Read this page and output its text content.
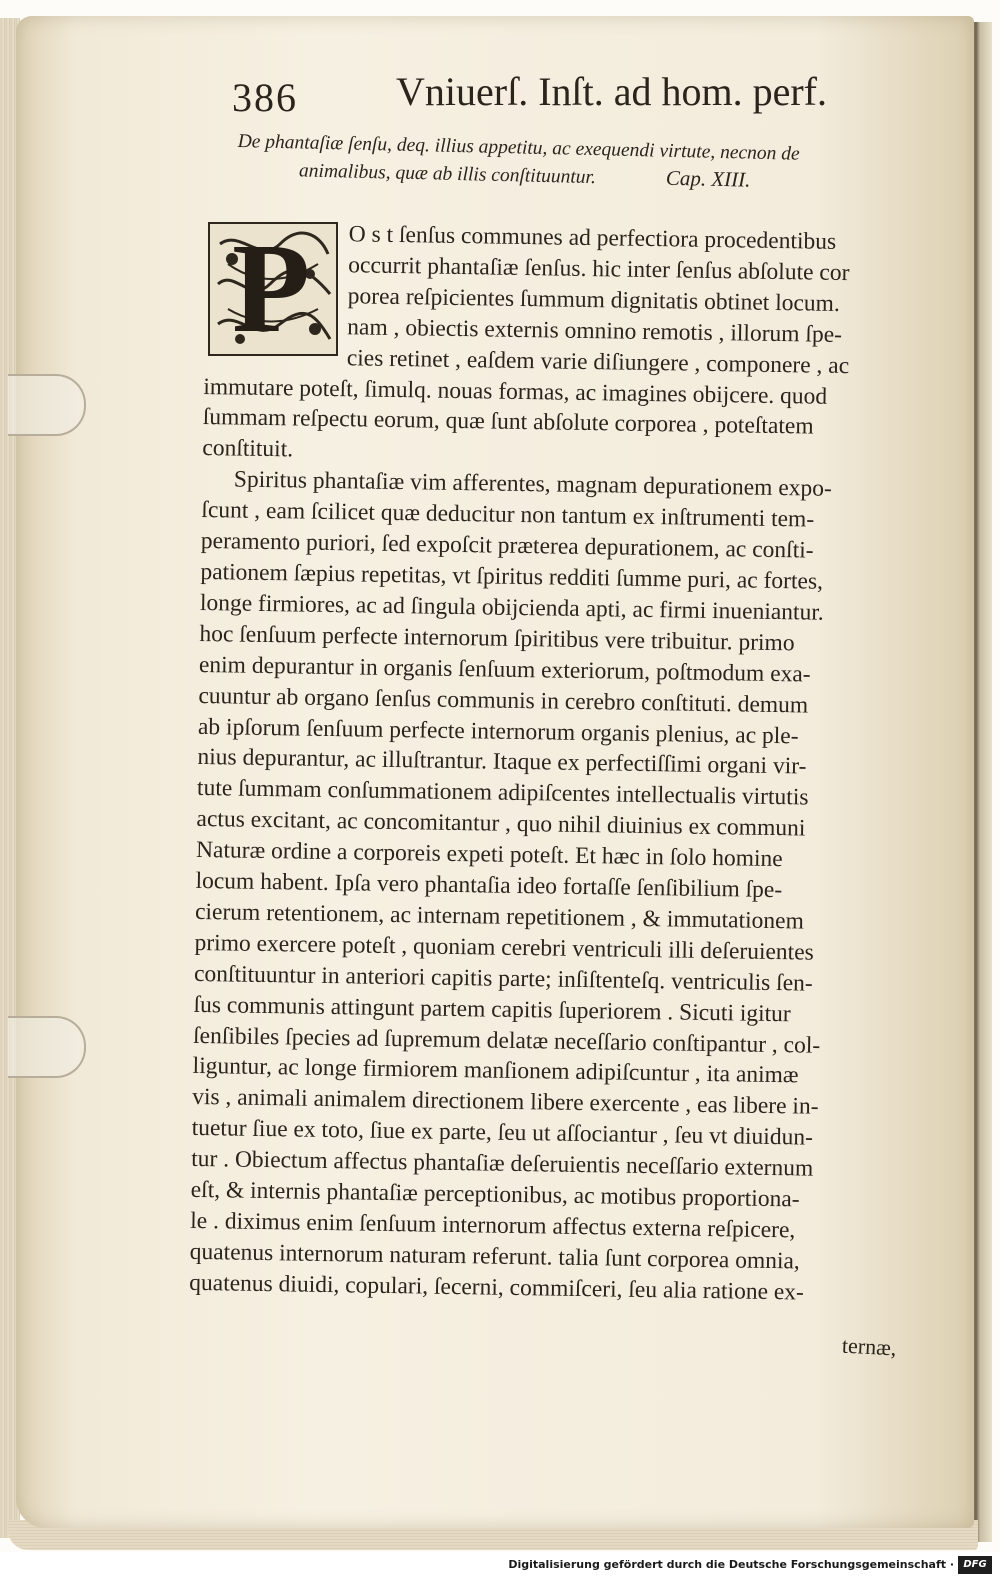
386 Vniuerſ. Inſt. ad hom. perf.
De phantaſiæ ſenſu, deq. illius appetitu, ac exequendi virtute, necnon de
animalibus, quæ ab illis conſtituuntur.	Cap. XIII.
P	O s t ſenſus communes ad perfectiora procedentibus
occurrit phantaſiæ ſenſus. hic inter ſenſus abſolute cor
porea reſpicientes ſummum dignitatis obtinet locum.
nam , obiectis externis omnino remotis , illorum ſpe-
cies retinet , eaſdem varie diſiungere , componere , ac
immutare poteſt, ſimulq. nouas formas, ac imagines obijcere. quod
ſummam reſpectu eorum, quæ ſunt abſolute corporea , poteſtatem
conſtituit.
Spiritus phantaſiæ vim afferentes, magnam depurationem expo-
ſcunt , eam ſcilicet quæ deducitur non tantum ex inſtrumenti tem-
peramento puriori, ſed expoſcit præterea depurationem, ac conſti-
pationem ſæpius repetitas, vt ſpiritus redditi ſumme puri, ac fortes,
longe firmiores, ac ad ſingula obijcienda apti, ac firmi inueniantur.
hoc ſenſuum perfecte internorum ſpiritibus vere tribuitur. primo
enim depurantur in organis ſenſuum exteriorum, poſtmodum exa-
cuuntur ab organo ſenſus communis in cerebro conſtituti. demum
ab ipſorum ſenſuum perfecte internorum organis plenius, ac ple-
nius depurantur, ac illuſtrantur. Itaque ex perfectiſſimi organi vir-
tute ſummam conſummationem adipiſcentes intellectualis virtutis
actus excitant, ac concomitantur , quo nihil diuinius ex communi
Naturæ ordine a corporeis expeti poteſt. Et hæc in ſolo homine
locum habent. Ipſa vero phantaſia ideo fortaſſe ſenſibilium ſpe-
cierum retentionem, ac internam repetitionem , & immutationem
primo exercere poteſt , quoniam cerebri ventriculi illi deſeruientes
conſtituuntur in anteriori capitis parte; inſiſtenteſq. ventriculis ſen-
ſus communis attingunt partem capitis ſuperiorem . Sicuti igitur
ſenſibiles ſpecies ad ſupremum delatæ neceſſario conſtipantur , col-
liguntur, ac longe firmiorem manſionem adipiſcuntur , ita animæ
vis , animali animalem directionem libere exercente , eas libere in-
tuetur ſiue ex toto, ſiue ex parte, ſeu ut aſſociantur , ſeu vt diuidun-
tur . Obiectum affectus phantaſiæ deſeruientis neceſſario externum
eſt, & internis phantaſiæ perceptionibus, ac motibus proportiona-
le . diximus enim ſenſuum internorum affectus externa reſpicere,
quatenus internorum naturam referunt. talia ſunt corporea omnia,
quatenus diuidi, copulari, ſecerni, commiſceri, ſeu alia ratione ex-
ternæ,
Digitalisierung gefördert durch die Deutsche Forschungsgemeinschaft · DFG
